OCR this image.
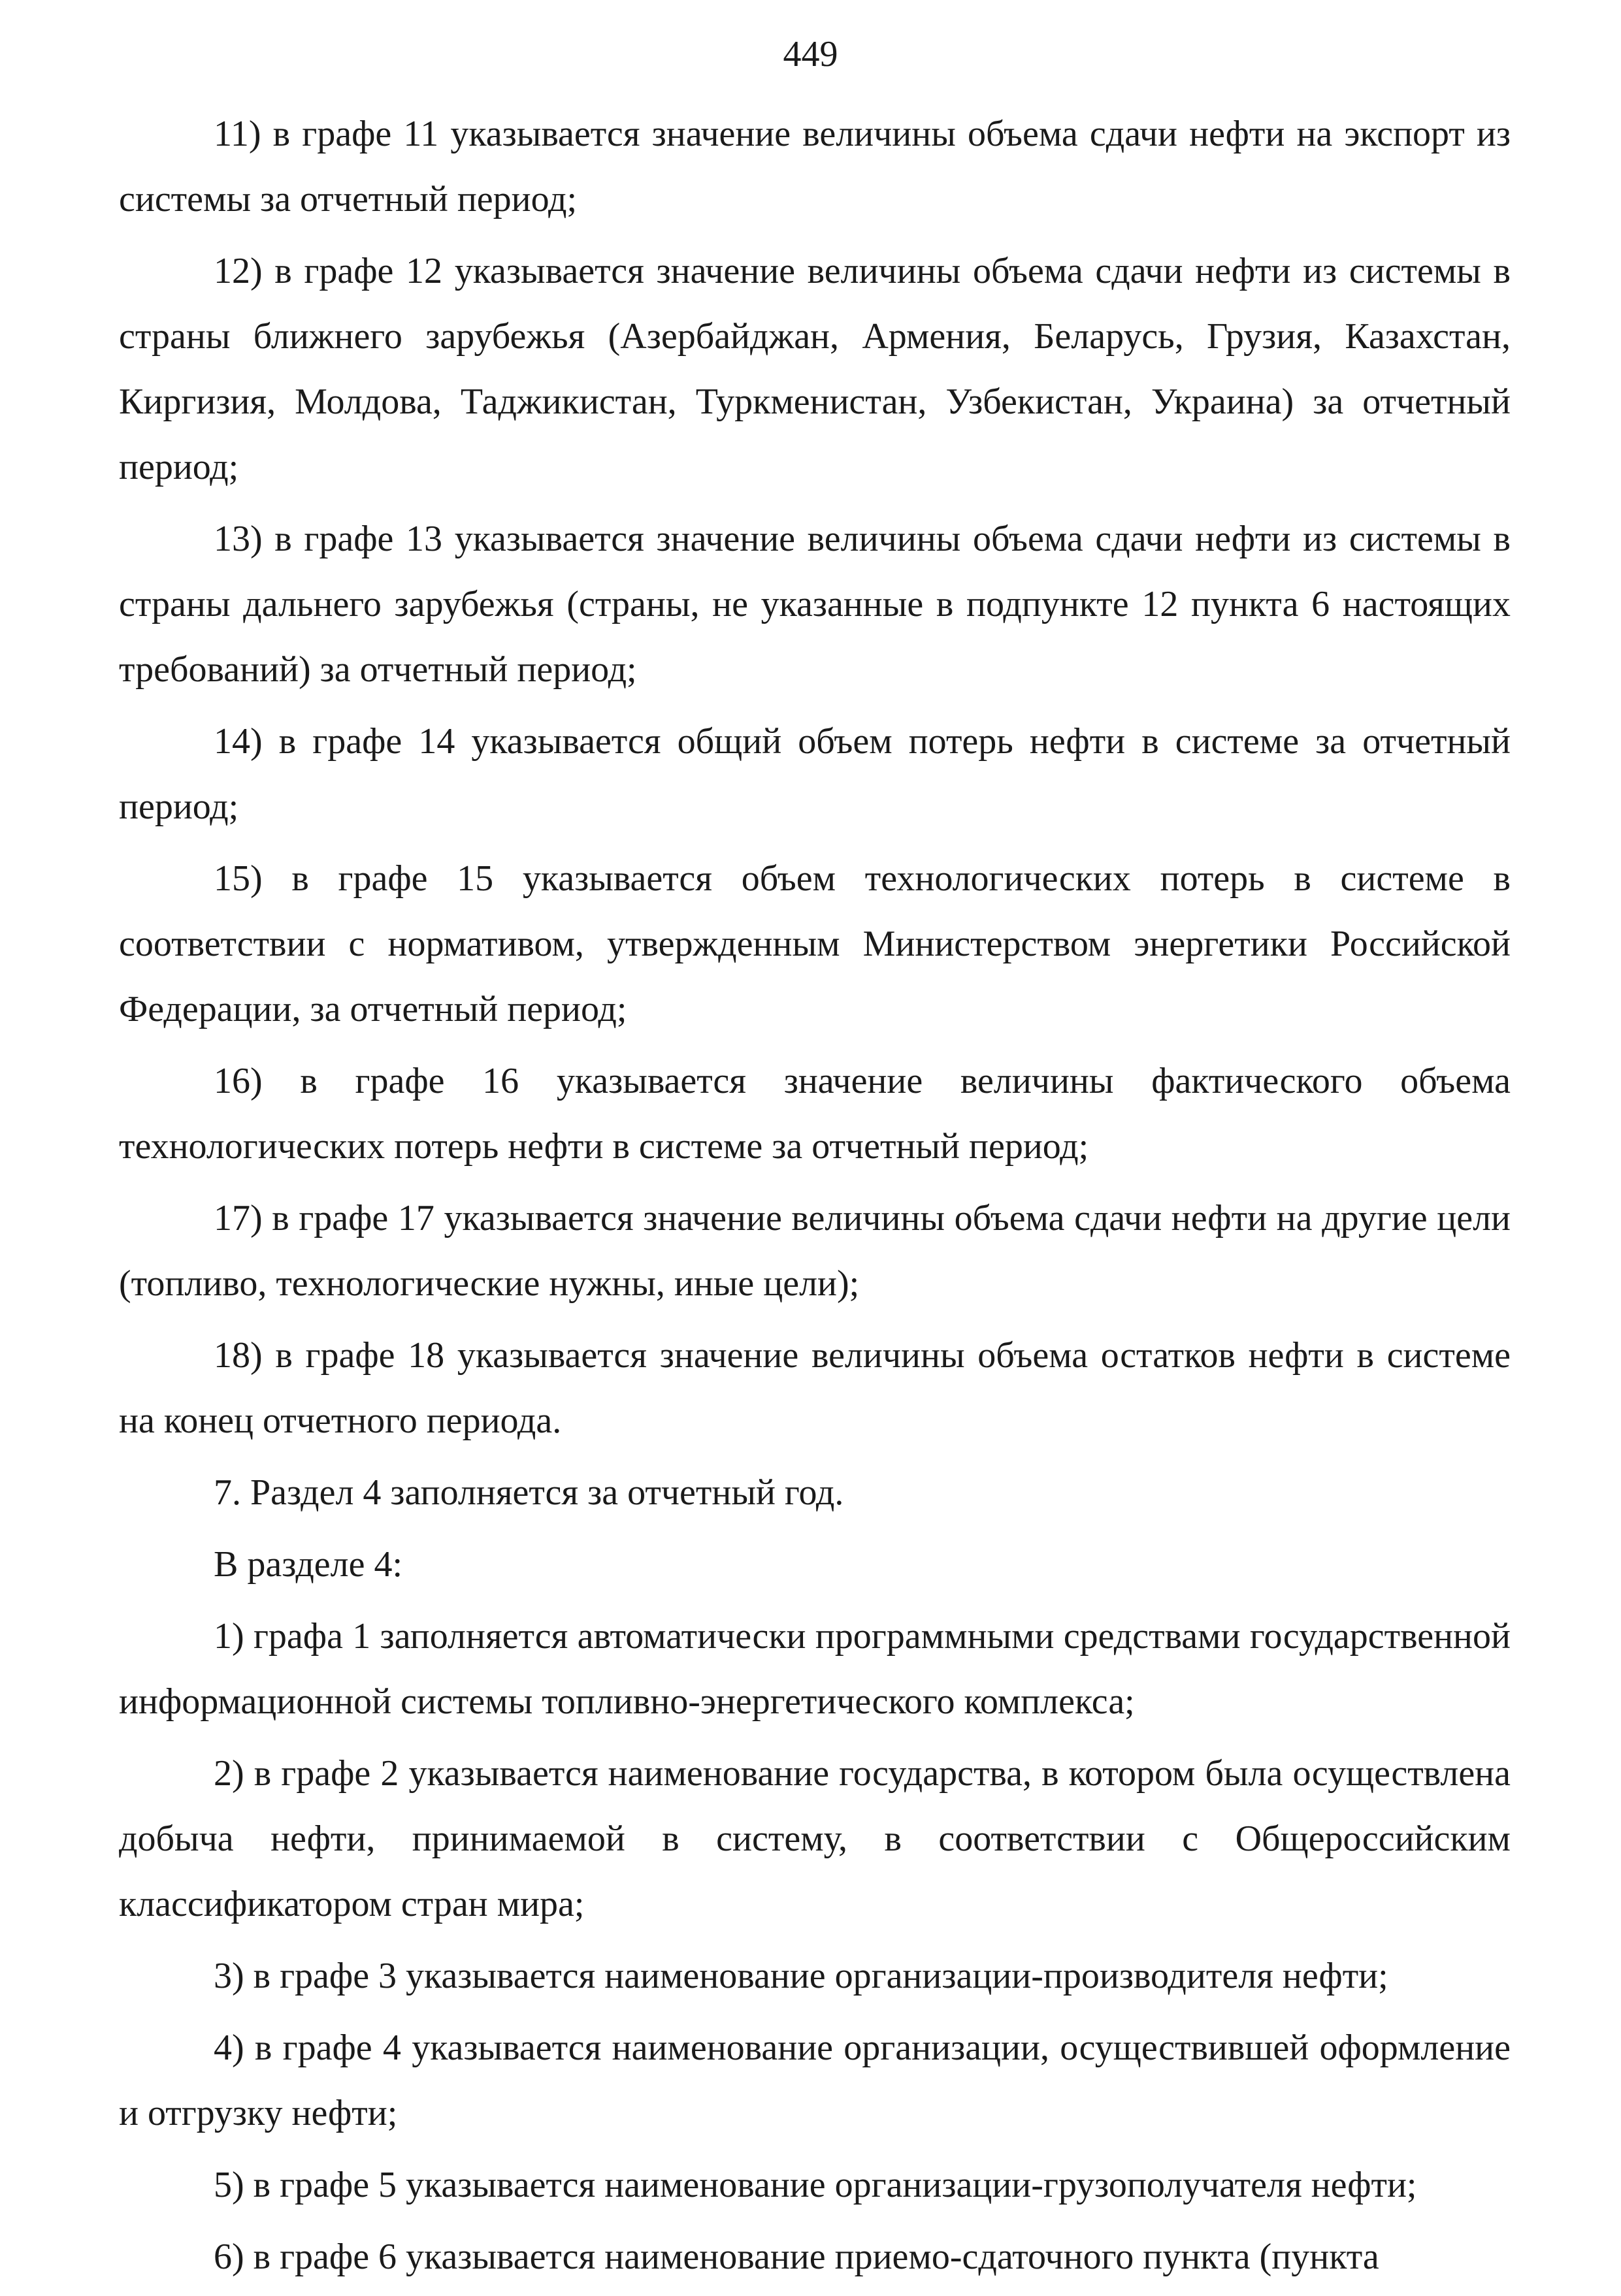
449

11) в графе 11 указывается значение величины объема сдачи нефти на экспорт из системы за отчетный период;

12) в графе 12 указывается значение величины объема сдачи нефти из системы в страны ближнего зарубежья (Азербайджан, Армения, Беларусь, Грузия, Казахстан, Киргизия, Молдова, Таджикистан, Туркменистан, Узбекистан, Украина) за отчетный период;

13) в графе 13 указывается значение величины объема сдачи нефти из системы в страны дальнего зарубежья (страны, не указанные в подпункте 12 пункта 6 настоящих требований) за отчетный период;

14) в графе 14 указывается общий объем потерь нефти в системе за отчетный период;

15) в графе 15 указывается объем технологических потерь в системе в соответствии с нормативом, утвержденным Министерством энергетики Российской Федерации, за отчетный период;

16) в графе 16 указывается значение величины фактического объема технологических потерь нефти в системе за отчетный период;

17) в графе 17 указывается значение величины объема сдачи нефти на другие цели (топливо, технологические нужны, иные цели);

18) в графе 18 указывается значение величины объема остатков нефти в системе на конец отчетного периода.

7. Раздел 4 заполняется за отчетный год.

В разделе 4:

1) графа 1 заполняется автоматически программными средствами государственной информационной системы топливно-энергетического комплекса;

2) в графе 2 указывается наименование государства, в котором была осуществлена добыча нефти, принимаемой в систему, в соответствии с Общероссийским классификатором стран мира;

3) в графе 3 указывается наименование организации-производителя нефти;

4) в графе 4 указывается наименование организации, осуществившей оформление и отгрузку нефти;

5) в графе 5 указывается наименование организации-грузополучателя нефти;

6) в графе 6 указывается наименование приемо-сдаточного пункта (пункта
